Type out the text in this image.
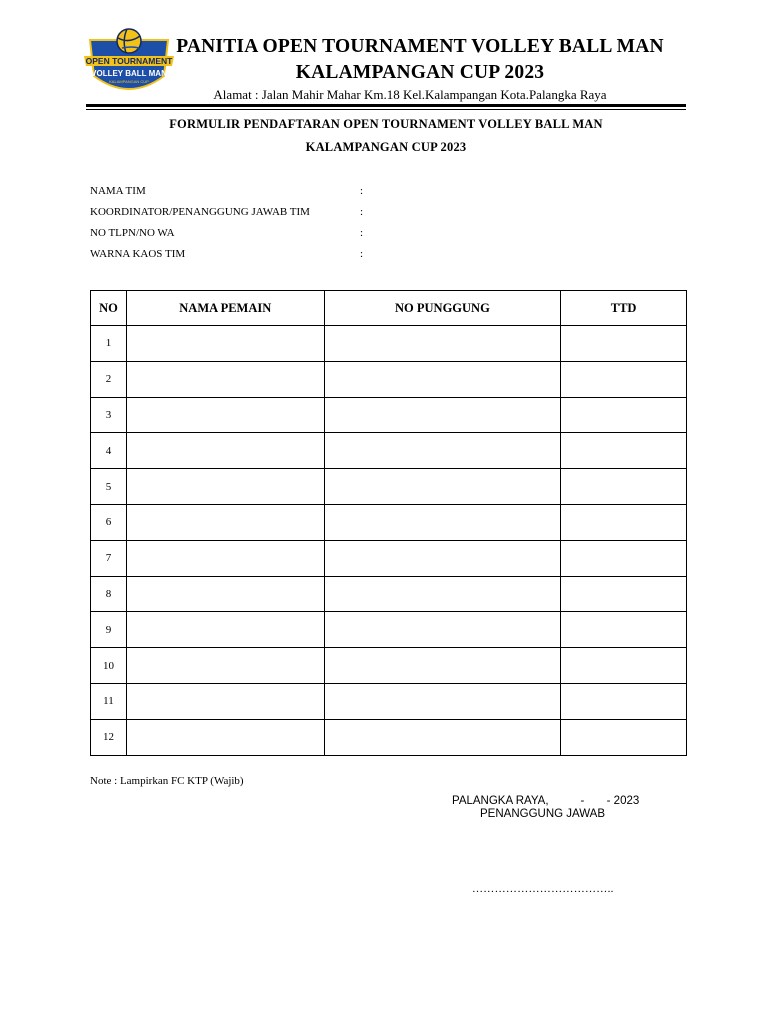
OPEN TOURNAMENT
VOLLEY BALL MAN
KALAMPANGAN CUP
PANITIA OPEN TOURNAMENT VOLLEY BALL MAN
KALAMPANGAN CUP 2023
Alamat : Jalan Mahir Mahar Km.18 Kel.Kalampangan Kota.Palangka Raya
FORMULIR PENDAFTARAN OPEN TOURNAMENT VOLLEY BALL MAN
KALAMPANGAN CUP 2023
NAMA TIM	:
KOORDINATOR/PENANGGUNG JAWAB TIM	:
NO TLPN/NO WA	:
WARNA KAOS TIM	:
NO	NAMA PEMAIN	NO PUNGGUNG	TTD
1			
2			
3			
4			
5			
6			
7			
8			
9			
10			
11			
12			
Note : Lampirkan FC KTP (Wajib)
PALANGKA RAYA,          -       - 2023
PENANGGUNG JAWAB
………………………………..
